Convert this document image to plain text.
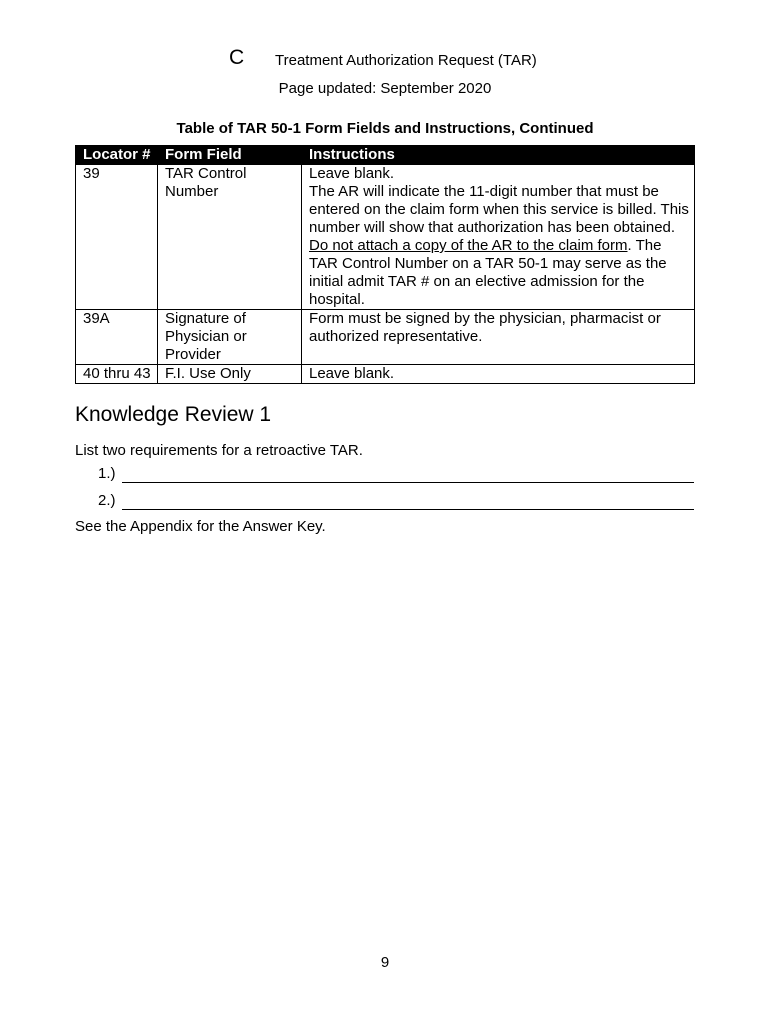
C Treatment Authorization Request (TAR)
Page updated: September 2020
Table of TAR 50-1 Form Fields and Instructions, Continued
Locator #	Form Field	Instructions
39	TAR Control Number	Leave blank.
The AR will indicate the 11-digit number that must be entered on the claim form when this service is billed. This number will show that authorization has been obtained. Do not attach a copy of the AR to the claim form. The TAR Control Number on a TAR 50-1 may serve as the initial admit TAR # on an elective admission for the hospital.
39A	Signature of Physician or Provider	Form must be signed by the physician, pharmacist or authorized representative.
40 thru 43	F.I. Use Only	Leave blank.
Knowledge Review 1
List two requirements for a retroactive TAR.
1.)
2.)
See the Appendix for the Answer Key.
9
